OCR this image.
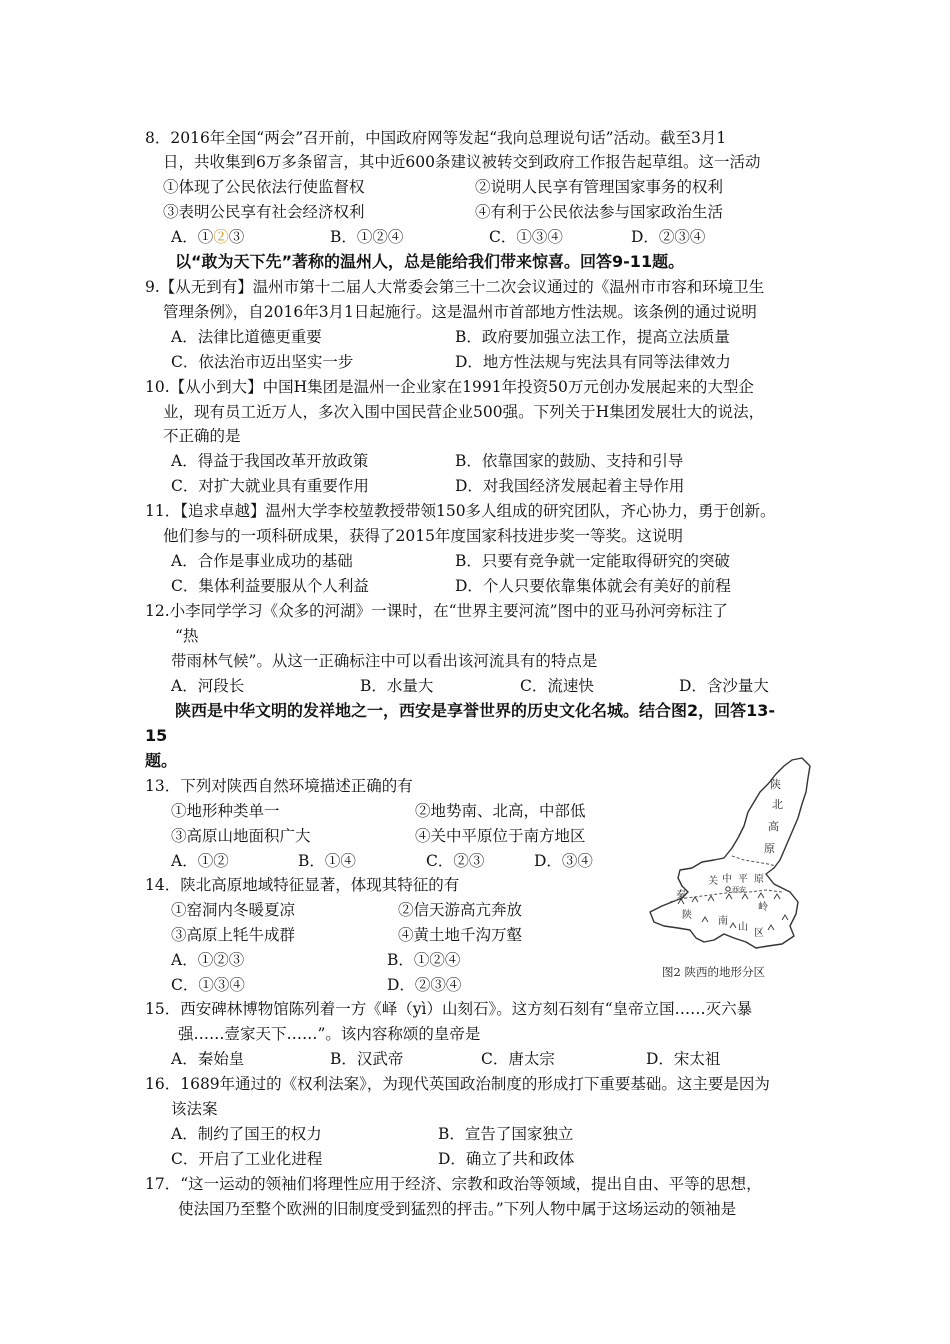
8．2016年全国“两会”召开前，中国政府网等发起“我向总理说句话”活动。截至3月1
日，共收集到6万多条留言，其中近600条建议被转交到政府工作报告起草组。这一活动
①体现了公民依法行使监督权	②说明人民享有管理国家事务的权利
③表明公民享有社会经济权利	④有利于公民依法参与国家政治生活
A．①②③	B．①②④	C．①③④	D．②③④
以“敢为天下先”著称的温州人，总是能给我们带来惊喜。回答9-11题。
9.【从无到有】温州市第十二届人大常委会第三十二次会议通过的《温州市市容和环境卫生
管理条例》，自2016年3月1日起施行。这是温州市首部地方性法规。该条例的通过说明
A．法律比道德更重要	B．政府要加强立法工作，提高立法质量
C．依法治市迈出坚实一步	D．地方性法规与宪法具有同等法律效力
10.【从小到大】中国H集团是温州一企业家在1991年投资50万元创办发展起来的大型企
业，现有员工近万人，多次入围中国民营企业500强。下列关于H集团发展壮大的说法，
不正确的是
A．得益于我国改革开放政策	B．依靠国家的鼓励、支持和引导
C．对扩大就业具有重要作用	D．对我国经济发展起着主导作用
11．【追求卓越】温州大学李校堃教授带领150多人组成的研究团队，齐心协力，勇于创新。
他们参与的一项科研成果，获得了2015年度国家科技进步奖一等奖。这说明
A．合作是事业成功的基础	B．只要有竞争就一定能取得研究的突破
C．集体利益要服从个人利益	D．个人只要依靠集体就会有美好的前程
12.小李同学学习《众多的河湖》一课时，在“世界主要河流”图中的亚马孙河旁标注了
“热
带雨林气候”。从这一正确标注中可以看出该河流具有的特点是
A．河段长	B．水量大	C．流速快	D．含沙量大
陕西是中华文明的发祥地之一，西安是享誉世界的历史文化名城。结合图2，回答13-
15
题。
13．下列对陕西自然环境描述正确的有
①地形种类单一	②地势南、北高，中部低
③高原山地面积广大	④关中平原位于南方地区
A．①②	B．①④	C．②③	D．③④
14．陕北高原地域特征显著，体现其特征的有
①窑洞内冬暖夏凉	②信天游高亢奔放
③高原上牦牛成群	④黄土地千沟万壑
A．①②③	B．①②④
C．①③④	D．②③④
陕
北
高
原
关 中 平 原
西安
秦
岭
陕
南
山
区
图2 陕西的地形分区
15．西安碑林博物馆陈列着一方《峄（yì）山刻石》。这方刻石刻有“皇帝立国……灭六暴
强……壹家天下……”。该内容称颂的皇帝是
A．秦始皇	B．汉武帝	C．唐太宗	D．宋太祖
16．1689年通过的《权利法案》，为现代英国政治制度的形成打下重要基础。这主要是因为
该法案
A．制约了国王的权力	B．宣告了国家独立
C．开启了工业化进程	D．确立了共和政体
17．“这一运动的领袖们将理性应用于经济、宗教和政治等领域，提出自由、平等的思想，
使法国乃至整个欧洲的旧制度受到猛烈的抨击。”下列人物中属于这场运动的领袖是
